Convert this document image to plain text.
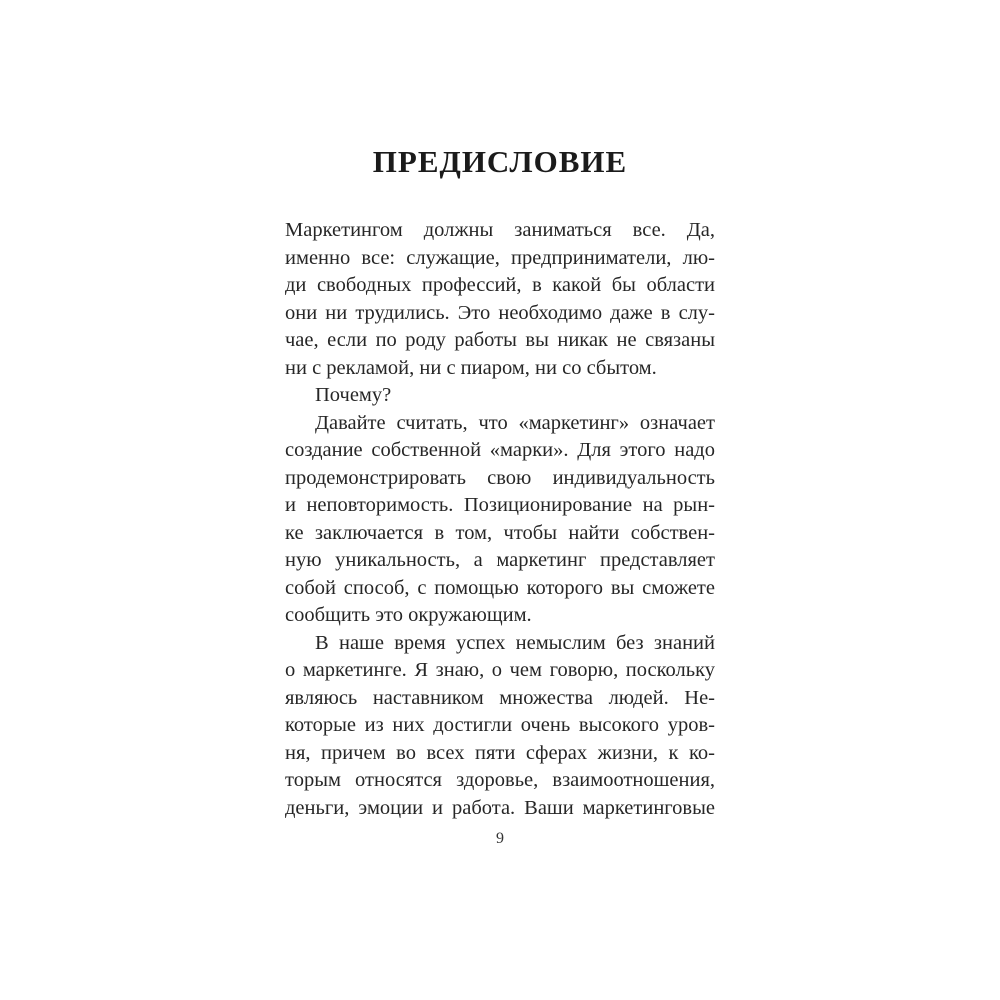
ПРЕДИСЛОВИЕ
Маркетингом должны заниматься все. Да,
именно все: служащие, предприниматели, лю-
ди свободных профессий, в какой бы области
они ни трудились. Это необходимо даже в слу-
чае, если по роду работы вы никак не связаны
ни с рекламой, ни с пиаром, ни со сбытом.
Почему?
Давайте считать, что «маркетинг» означает
создание собственной «марки». Для этого надо
продемонстрировать свою индивидуальность
и неповторимость. Позиционирование на рын-
ке заключается в том, чтобы найти собствен-
ную уникальность, а маркетинг представляет
собой способ, с помощью которого вы сможете
сообщить это окружающим.
В наше время успех немыслим без знаний
о маркетинге. Я знаю, о чем говорю, поскольку
являюсь наставником множества людей. Не-
которые из них достигли очень высокого уров-
ня, причем во всех пяти сферах жизни, к ко-
торым относятся здоровье, взаимоотношения,
деньги, эмоции и работа. Ваши маркетинговые
9
